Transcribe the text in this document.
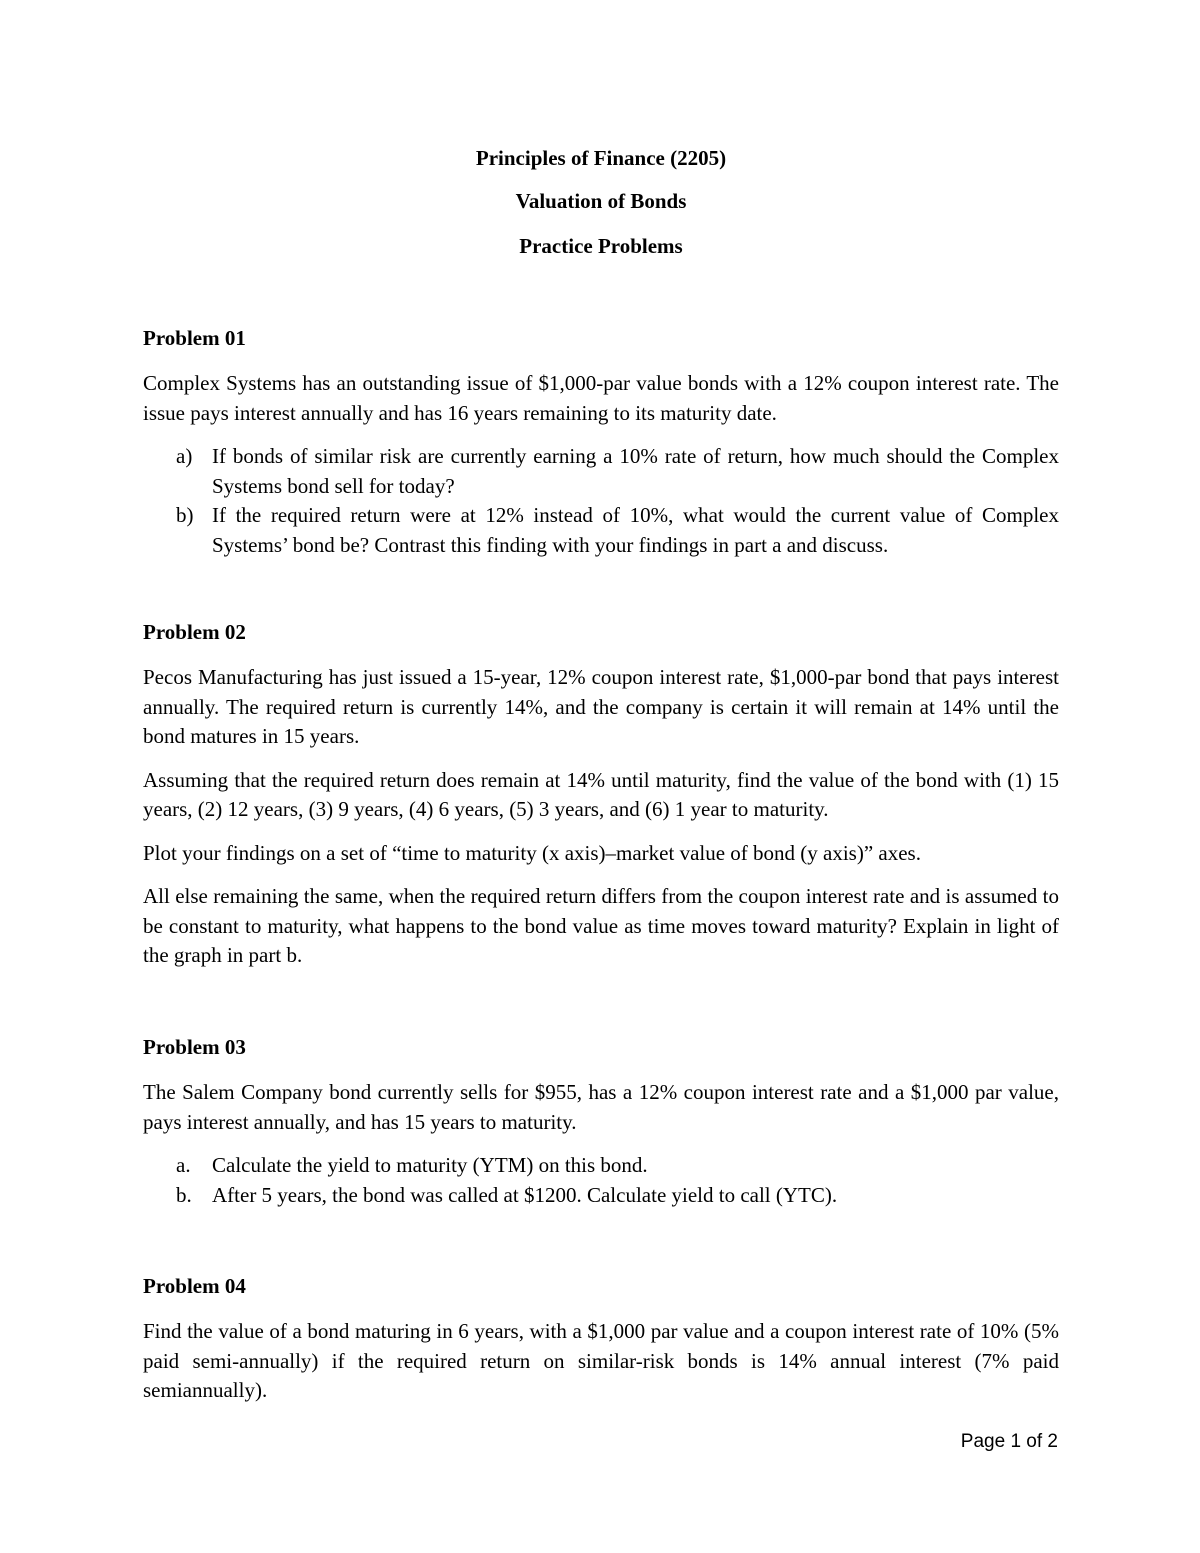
Principles of Finance (2205)
Valuation of Bonds
Practice Problems
Problem 01

Complex Systems has an outstanding issue of $1,000-par value bonds with a 12% coupon interest rate. The issue pays interest annually and has 16 years remaining to its maturity date.

a) If bonds of similar risk are currently earning a 10% rate of return, how much should the Complex Systems bond sell for today?
b) If the required return were at 12% instead of 10%, what would the current value of Complex Systems’ bond be? Contrast this finding with your findings in part a and discuss.
Problem 02

Pecos Manufacturing has just issued a 15-year, 12% coupon interest rate, $1,000-par bond that pays interest annually. The required return is currently 14%, and the company is certain it will remain at 14% until the bond matures in 15 years.

Assuming that the required return does remain at 14% until maturity, find the value of the bond with (1) 15 years, (2) 12 years, (3) 9 years, (4) 6 years, (5) 3 years, and (6) 1 year to maturity.

Plot your findings on a set of “time to maturity (x axis)–market value of bond (y axis)” axes.

All else remaining the same, when the required return differs from the coupon interest rate and is assumed to be constant to maturity, what happens to the bond value as time moves toward maturity? Explain in light of the graph in part b.

Problem 03

The Salem Company bond currently sells for $955, has a 12% coupon interest rate and a $1,000 par value, pays interest annually, and has 15 years to maturity.

a. Calculate the yield to maturity (YTM) on this bond.
b. After 5 years, the bond was called at $1200. Calculate yield to call (YTC).
Problem 04

Find the value of a bond maturing in 6 years, with a $1,000 par value and a coupon interest rate of 10% (5% paid semi-annually) if the required return on similar-risk bonds is 14% annual interest (7% paid semiannually).

Page 1 of 2
